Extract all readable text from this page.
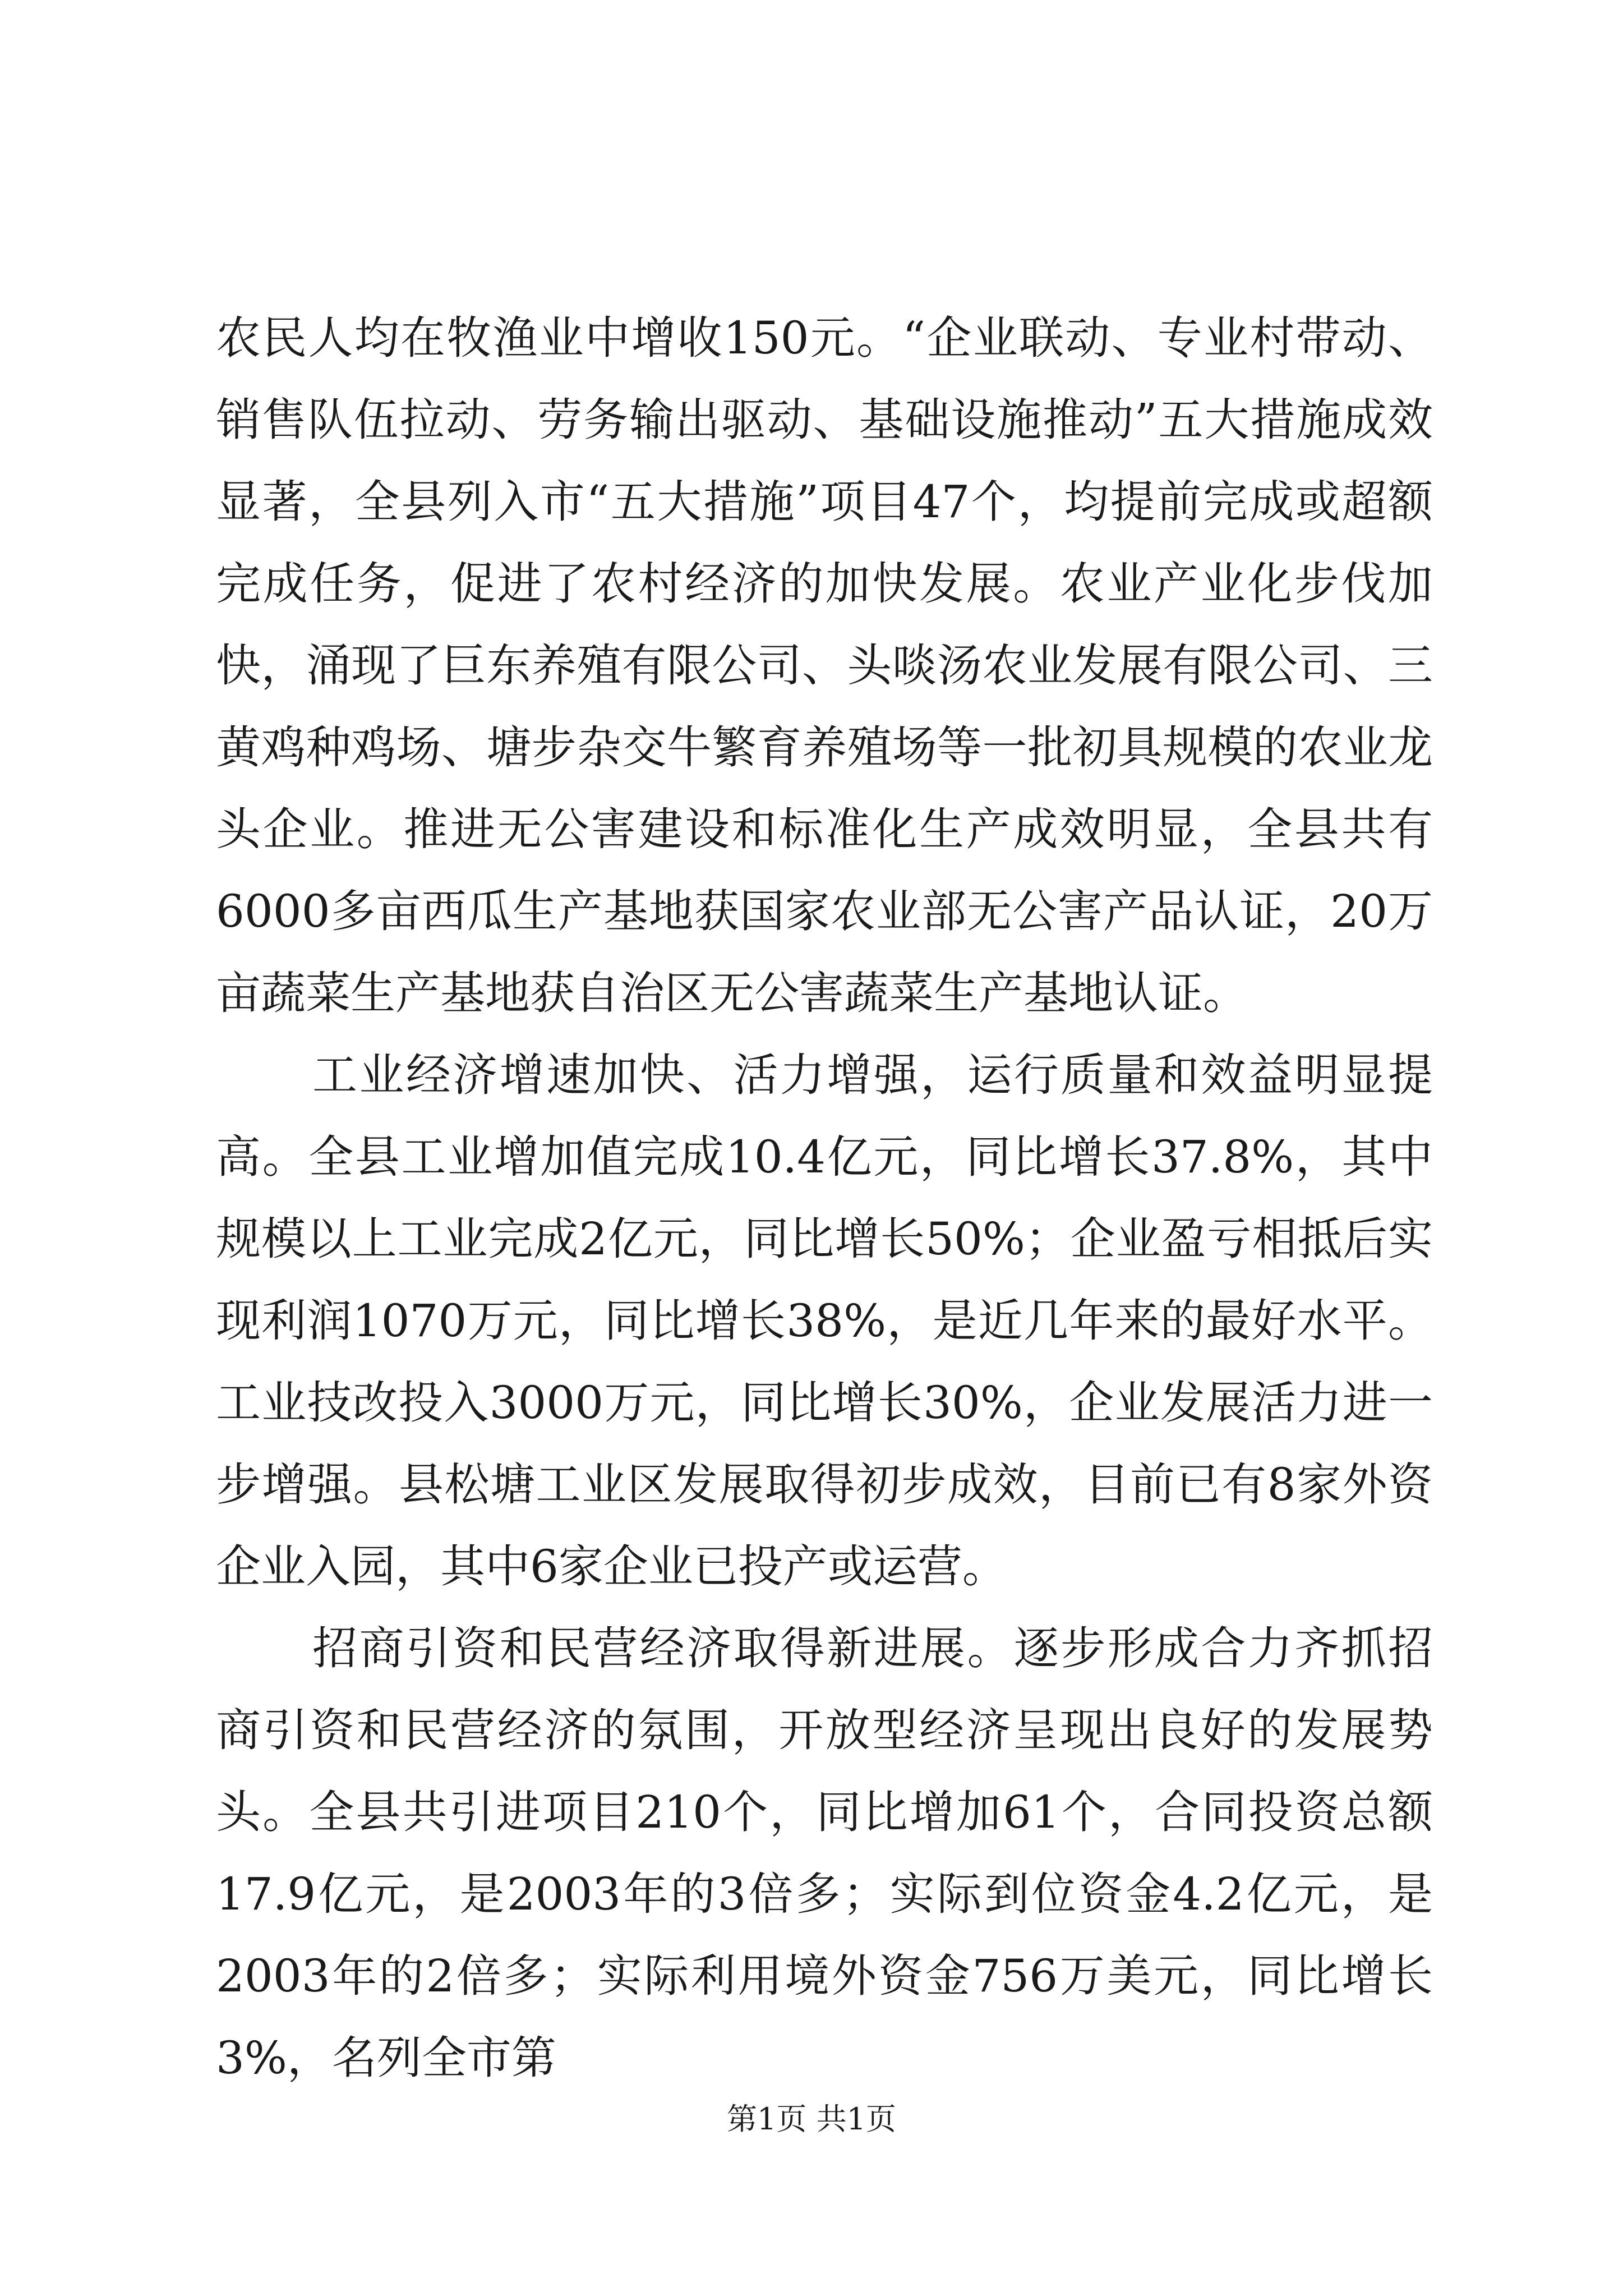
农民人均在牧渔业中增收150元。“企业联动、专业村带动、销售队伍拉动、劳务输出驱动、基础设施推动”五大措施成效显著，全县列入市“五大措施”项目47个，均提前完成或超额完成任务，促进了农村经济的加快发展。农业产业化步伐加快，涌现了巨东养殖有限公司、头啖汤农业发展有限公司、三黄鸡种鸡场、塘步杂交牛繁育养殖场等一批初具规模的农业龙头企业。推进无公害建设和标准化生产成效明显，全县共有6000多亩西瓜生产基地获国家农业部无公害产品认证，20万亩蔬菜生产基地获自治区无公害蔬菜生产基地认证。

工业经济增速加快、活力增强，运行质量和效益明显提高。全县工业增加值完成10.4亿元，同比增长37.8%，其中规模以上工业完成2亿元，同比增长50%；企业盈亏相抵后实现利润1070万元，同比增长38%，是近几年来的最好水平。工业技改投入3000万元，同比增长30%，企业发展活力进一步增强。县松塘工业区发展取得初步成效，目前已有8家外资企业入园，其中6家企业已投产或运营。

招商引资和民营经济取得新进展。逐步形成合力齐抓招商引资和民营经济的氛围，开放型经济呈现出良好的发展势头。全县共引进项目210个，同比增加61个，合同投资总额17.9亿元，是2003年的3倍多；实际到位资金4.2亿元，是2003年的2倍多；实际利用境外资金756万美元，同比增长3%，名列全市第

第1页 共1页
